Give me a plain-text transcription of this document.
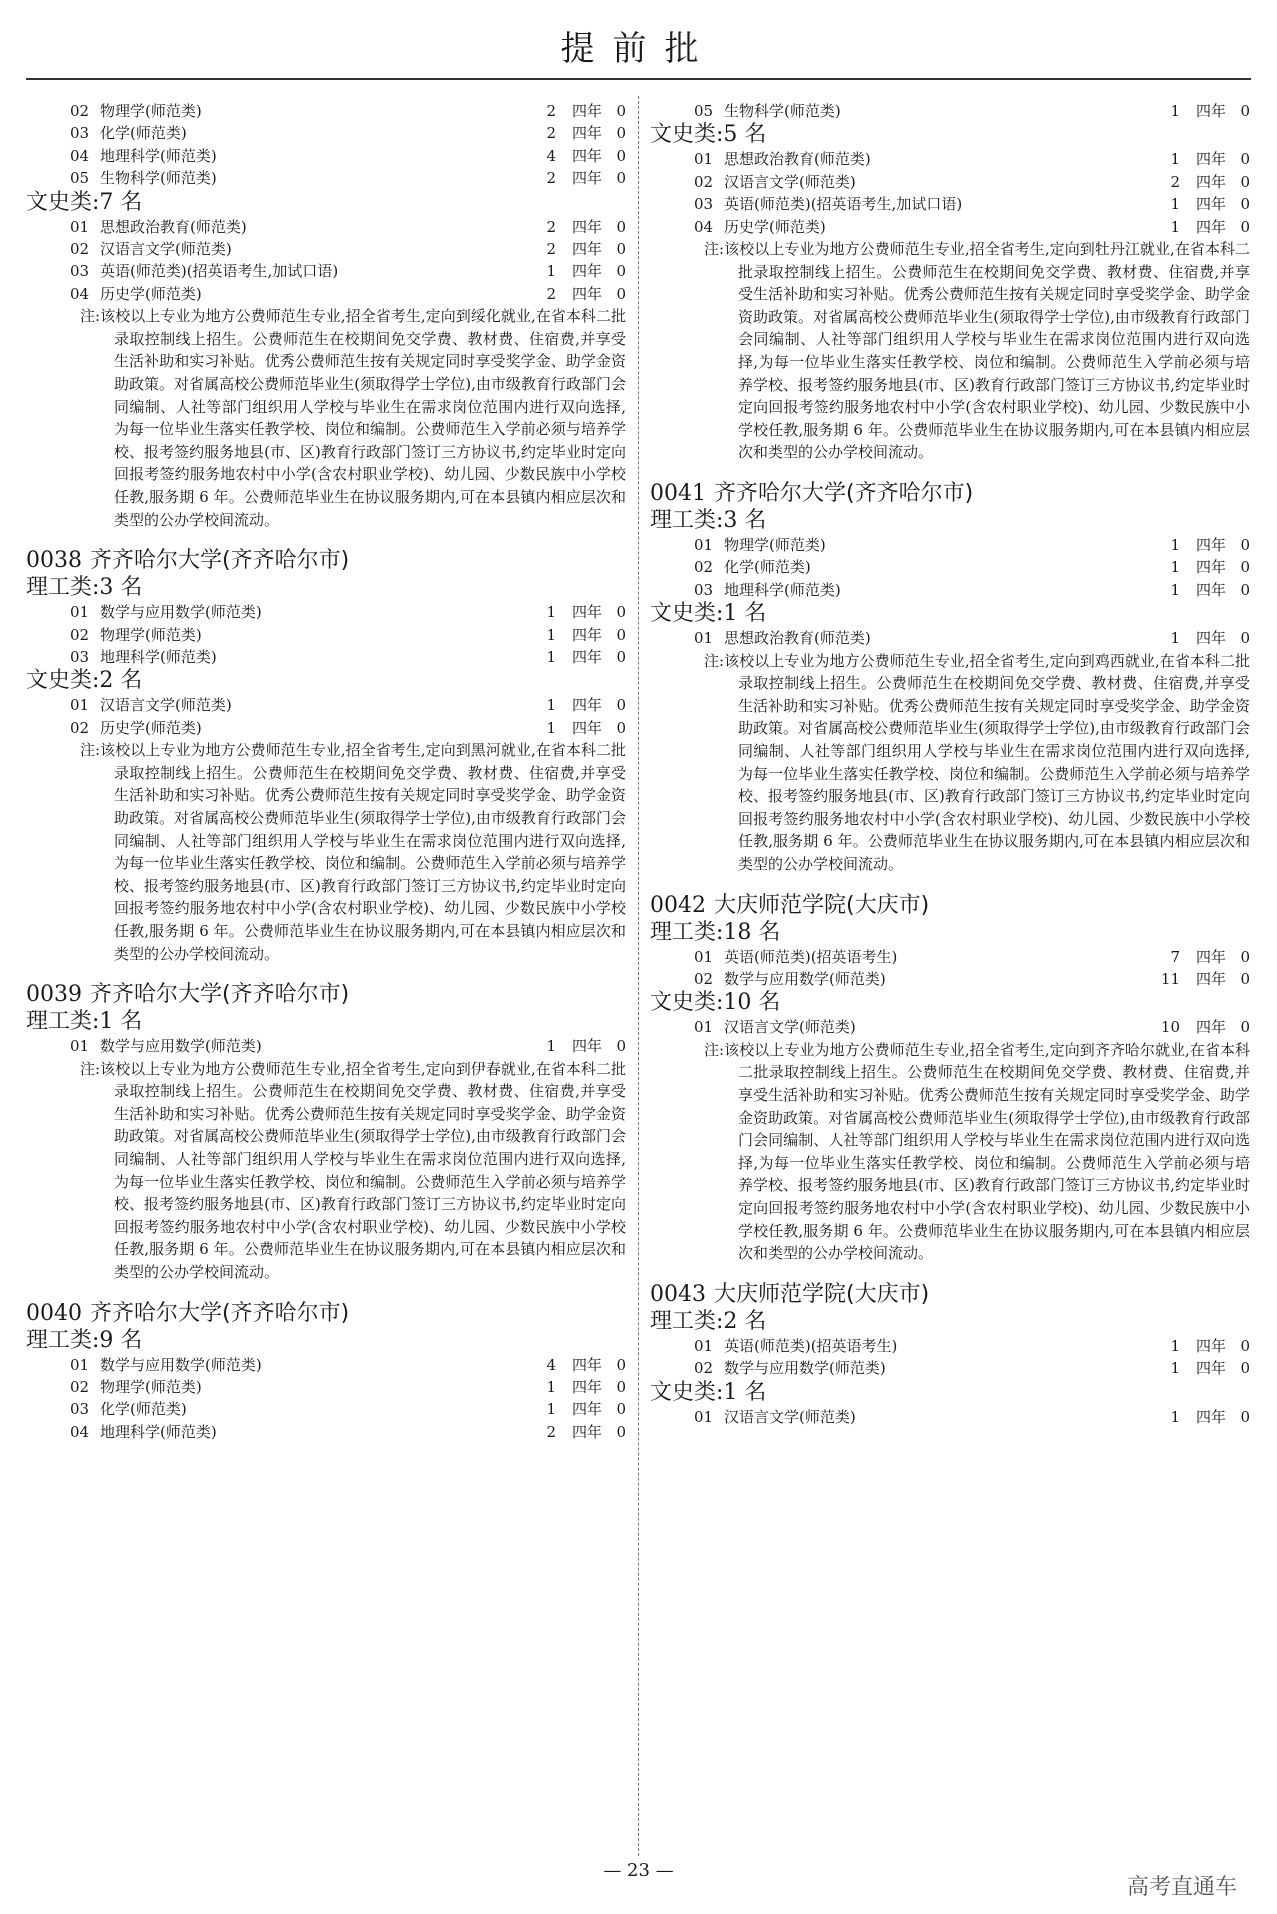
提前批
02 物理学(师范类)	2	四年 0
03 化学(师范类)	2	四年 0
04 地理科学(师范类)	4	四年 0
05 生物科学(师范类)	2	四年 0
文史类:7 名
01 思想政治教育(师范类)	2	四年 0
02 汉语言文学(师范类)	2	四年 0
03 英语(师范类)(招英语考生,加试口语)	1	四年 0
04 历史学(师范类)	2	四年 0
注:该校以上专业为地方公费师范生专业,招全省考生,定向到绥化就业,在省本科二批录取控制线上招生。公费师范生在校期间免交学费、教材费、住宿费,并享受生活补助和实习补贴。优秀公费师范生按有关规定同时享受奖学金、助学金资助政策。对省属高校公费师范毕业生(须取得学士学位),由市级教育行政部门会同编制、人社等部门组织用人学校与毕业生在需求岗位范围内进行双向选择,为每一位毕业生落实任教学校、岗位和编制。公费师范生入学前必须与培养学校、报考签约服务地县(市、区)教育行政部门签订三方协议书,约定毕业时定向回报考签约服务地农村中小学(含农村职业学校)、幼儿园、少数民族中小学校任教,服务期 6 年。公费师范毕业生在协议服务期内,可在本县镇内相应层次和类型的公办学校间流动。
0038 齐齐哈尔大学(齐齐哈尔市)
理工类:3 名
01 数学与应用数学(师范类)	1	四年 0
02 物理学(师范类)	1	四年 0
03 地理科学(师范类)	1	四年 0
文史类:2 名
01 汉语言文学(师范类)	1	四年 0
02 历史学(师范类)	1	四年 0
注:该校以上专业为地方公费师范生专业,招全省考生,定向到黑河就业,在省本科二批录取控制线上招生。公费师范生在校期间免交学费、教材费、住宿费,并享受生活补助和实习补贴。优秀公费师范生按有关规定同时享受奖学金、助学金资助政策。对省属高校公费师范毕业生(须取得学士学位),由市级教育行政部门会同编制、人社等部门组织用人学校与毕业生在需求岗位范围内进行双向选择,为每一位毕业生落实任教学校、岗位和编制。公费师范生入学前必须与培养学校、报考签约服务地县(市、区)教育行政部门签订三方协议书,约定毕业时定向回报考签约服务地农村中小学(含农村职业学校)、幼儿园、少数民族中小学校任教,服务期 6 年。公费师范毕业生在协议服务期内,可在本县镇内相应层次和类型的公办学校间流动。
0039 齐齐哈尔大学(齐齐哈尔市)
理工类:1 名
01 数学与应用数学(师范类)	1	四年 0
注:该校以上专业为地方公费师范生专业,招全省考生,定向到伊春就业,在省本科二批录取控制线上招生。公费师范生在校期间免交学费、教材费、住宿费,并享受生活补助和实习补贴。优秀公费师范生按有关规定同时享受奖学金、助学金资助政策。对省属高校公费师范毕业生(须取得学士学位),由市级教育行政部门会同编制、人社等部门组织用人学校与毕业生在需求岗位范围内进行双向选择,为每一位毕业生落实任教学校、岗位和编制。公费师范生入学前必须与培养学校、报考签约服务地县(市、区)教育行政部门签订三方协议书,约定毕业时定向回报考签约服务地农村中小学(含农村职业学校)、幼儿园、少数民族中小学校任教,服务期 6 年。公费师范毕业生在协议服务期内,可在本县镇内相应层次和类型的公办学校间流动。
0040 齐齐哈尔大学(齐齐哈尔市)
理工类:9 名
01 数学与应用数学(师范类)	4	四年 0
02 物理学(师范类)	1	四年 0
03 化学(师范类)	1	四年 0
04 地理科学(师范类)	2	四年 0
05 生物科学(师范类)	1	四年 0
文史类:5 名
01 思想政治教育(师范类)	1	四年 0
02 汉语言文学(师范类)	2	四年 0
03 英语(师范类)(招英语考生,加试口语)	1	四年 0
04 历史学(师范类)	1	四年 0
注:该校以上专业为地方公费师范生专业,招全省考生,定向到牡丹江就业,在省本科二批录取控制线上招生。公费师范生在校期间免交学费、教材费、住宿费,并享受生活补助和实习补贴。优秀公费师范生按有关规定同时享受奖学金、助学金资助政策。对省属高校公费师范毕业生(须取得学士学位),由市级教育行政部门会同编制、人社等部门组织用人学校与毕业生在需求岗位范围内进行双向选择,为每一位毕业生落实任教学校、岗位和编制。公费师范生入学前必须与培养学校、报考签约服务地县(市、区)教育行政部门签订三方协议书,约定毕业时定向回报考签约服务地农村中小学(含农村职业学校)、幼儿园、少数民族中小学校任教,服务期 6 年。公费师范毕业生在协议服务期内,可在本县镇内相应层次和类型的公办学校间流动。
0041 齐齐哈尔大学(齐齐哈尔市)
理工类:3 名
01 物理学(师范类)	1	四年 0
02 化学(师范类)	1	四年 0
03 地理科学(师范类)	1	四年 0
文史类:1 名
01 思想政治教育(师范类)	1	四年 0
注:该校以上专业为地方公费师范生专业,招全省考生,定向到鸡西就业,在省本科二批录取控制线上招生。公费师范生在校期间免交学费、教材费、住宿费,并享受生活补助和实习补贴。优秀公费师范生按有关规定同时享受奖学金、助学金资助政策。对省属高校公费师范毕业生(须取得学士学位),由市级教育行政部门会同编制、人社等部门组织用人学校与毕业生在需求岗位范围内进行双向选择,为每一位毕业生落实任教学校、岗位和编制。公费师范生入学前必须与培养学校、报考签约服务地县(市、区)教育行政部门签订三方协议书,约定毕业时定向回报考签约服务地农村中小学(含农村职业学校)、幼儿园、少数民族中小学校任教,服务期 6 年。公费师范毕业生在协议服务期内,可在本县镇内相应层次和类型的公办学校间流动。
0042 大庆师范学院(大庆市)
理工类:18 名
01 英语(师范类)(招英语考生)	7	四年 0
02 数学与应用数学(师范类)	11	四年 0
文史类:10 名
01 汉语言文学(师范类)	10	四年 0
注:该校以上专业为地方公费师范生专业,招全省考生,定向到齐齐哈尔就业,在省本科二批录取控制线上招生。公费师范生在校期间免交学费、教材费、住宿费,并享受生活补助和实习补贴。优秀公费师范生按有关规定同时享受奖学金、助学金资助政策。对省属高校公费师范毕业生(须取得学士学位),由市级教育行政部门会同编制、人社等部门组织用人学校与毕业生在需求岗位范围内进行双向选择,为每一位毕业生落实任教学校、岗位和编制。公费师范生入学前必须与培养学校、报考签约服务地县(市、区)教育行政部门签订三方协议书,约定毕业时定向回报考签约服务地农村中小学(含农村职业学校)、幼儿园、少数民族中小学校任教,服务期 6 年。公费师范毕业生在协议服务期内,可在本县镇内相应层次和类型的公办学校间流动。
0043 大庆师范学院(大庆市)
理工类:2 名
01 英语(师范类)(招英语考生)	1	四年 0
02 数学与应用数学(师范类)	1	四年 0
文史类:1 名
01 汉语言文学(师范类)	1	四年 0
— 23 —
高考直通车
